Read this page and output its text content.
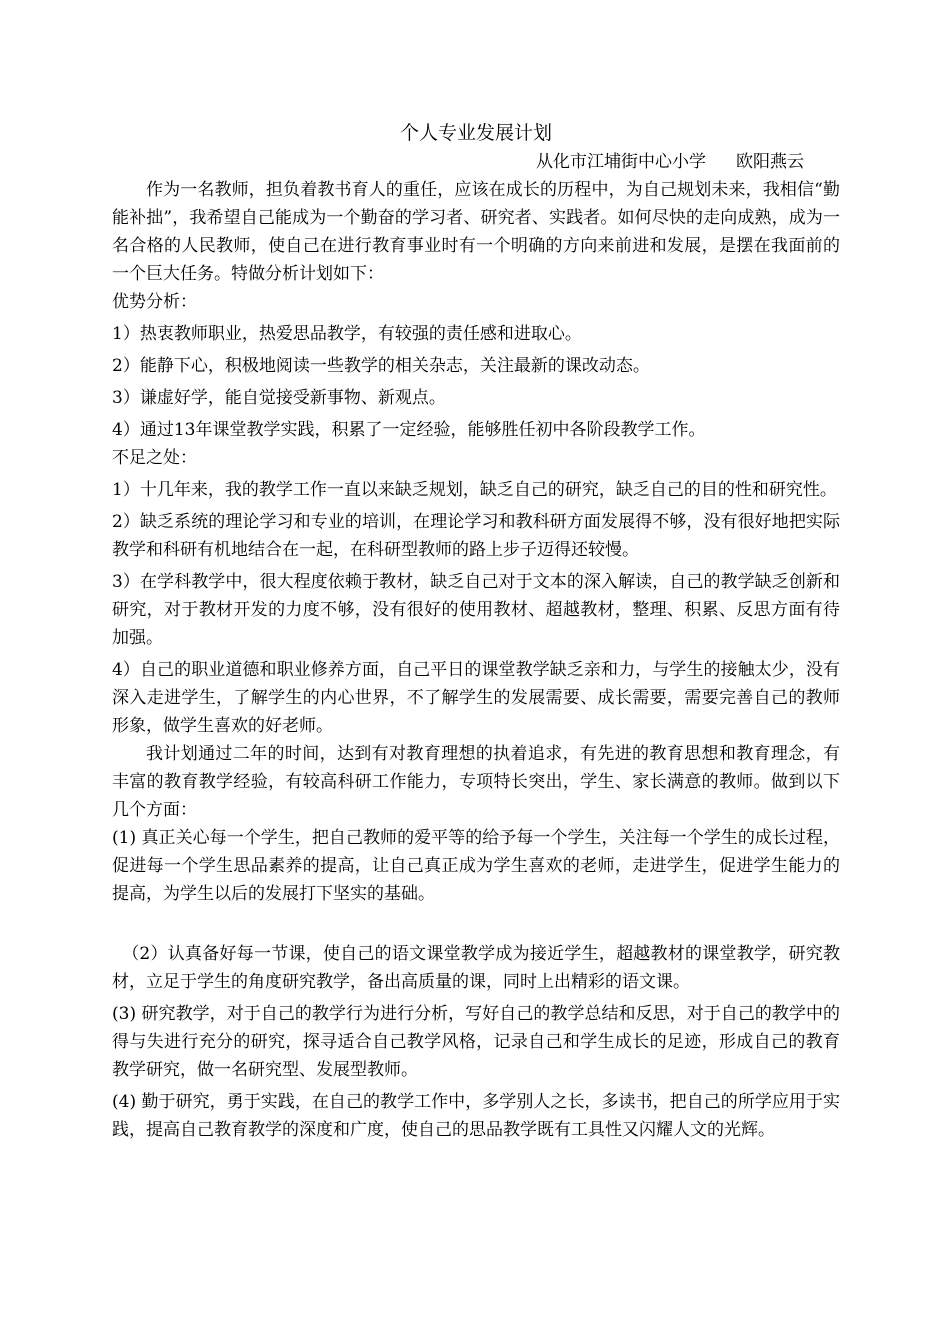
个人专业发展计划

从化市江埔街中心小学 欧阳燕云

作为一名教师，担负着教书育人的重任，应该在成长的历程中，为自己规划未来，我相信“勤能补拙”，我希望自己能成为一个勤奋的学习者、研究者、实践者。如何尽快的走向成熟，成为一名合格的人民教师，使自己在进行教育事业时有一个明确的方向来前进和发展，是摆在我面前的一个巨大任务。特做分析计划如下：

优势分析：

1）热衷教师职业，热爱思品教学，有较强的责任感和进取心。

2）能静下心，积极地阅读一些教学的相关杂志，关注最新的课改动态。

3）谦虚好学，能自觉接受新事物、新观点。

4）通过13年课堂教学实践，积累了一定经验，能够胜任初中各阶段教学工作。

不足之处：

1）十几年来，我的教学工作一直以来缺乏规划，缺乏自己的研究，缺乏自己的目的性和研究性。

2）缺乏系统的理论学习和专业的培训，在理论学习和教科研方面发展得不够，没有很好地把实际教学和科研有机地结合在一起，在科研型教师的路上步子迈得还较慢。

3）在学科教学中，很大程度依赖于教材，缺乏自己对于文本的深入解读，自己的教学缺乏创新和研究，对于教材开发的力度不够，没有很好的使用教材、超越教材，整理、积累、反思方面有待加强。

4）自己的职业道德和职业修养方面，自己平日的课堂教学缺乏亲和力，与学生的接触太少，没有深入走进学生，了解学生的内心世界，不了解学生的发展需要、成长需要，需要完善自己的教师形象，做学生喜欢的好老师。

我计划通过二年的时间，达到有对教育理想的执着追求，有先进的教育思想和教育理念，有丰富的教育教学经验，有较高科研工作能力，专项特长突出，学生、家长满意的教师。做到以下几个方面：

(1) 真正关心每一个学生，把自己教师的爱平等的给予每一个学生，关注每一个学生的成长过程，促进每一个学生思品素养的提高，让自己真正成为学生喜欢的老师，走进学生，促进学生能力的提高，为学生以后的发展打下坚实的基础。

（2）认真备好每一节课，使自己的语文课堂教学成为接近学生，超越教材的课堂教学，研究教材，立足于学生的角度研究教学，备出高质量的课，同时上出精彩的语文课。

(3) 研究教学，对于自己的教学行为进行分析，写好自己的教学总结和反思，对于自己的教学中的得与失进行充分的研究，探寻适合自己教学风格，记录自己和学生成长的足迹，形成自己的教育教学研究，做一名研究型、发展型教师。

(4) 勤于研究，勇于实践，在自己的教学工作中，多学别人之长，多读书，把自己的所学应用于实践，提高自己教育教学的深度和广度，使自己的思品教学既有工具性又闪耀人文的光辉。
